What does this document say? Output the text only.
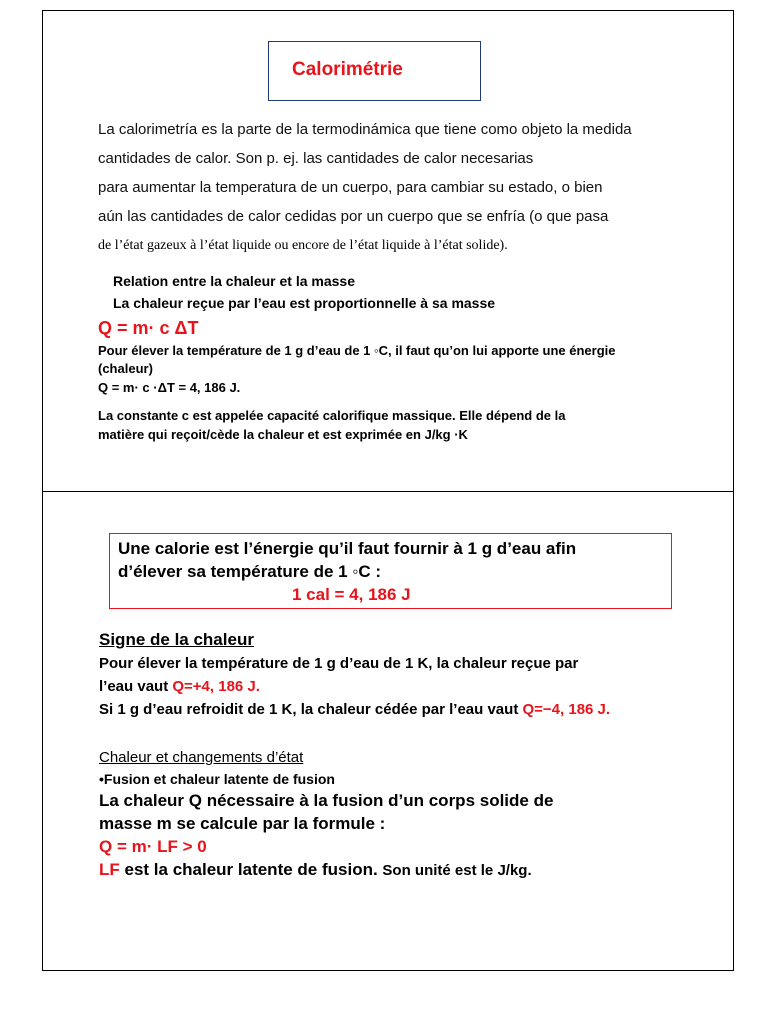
Calorimétrie
La calorimetría es la parte de la termodinámica que tiene como objeto la medida
cantidades de calor. Son p. ej. las cantidades de calor necesarias
para aumentar la temperatura de un cuerpo, para cambiar su estado, o bien
aún las cantidades de calor cedidas por un cuerpo que se enfría (o que pasa
de l’état gazeux à l’état liquide ou encore de l’état liquide à l’état solide).
Relation entre la chaleur et la masse
La chaleur reçue par l’eau est proportionnelle à sa masse
Q = m· c ΔT
Pour élever la température de 1 g d’eau de 1 ◦C, il faut qu’on lui apporte une énergie
(chaleur)
Q = m· c ·ΔT = 4, 186 J.
La constante c est appelée capacité calorifique massique. Elle dépend de la
matière qui reçoit/cède la chaleur et est exprimée en J/kg ·K
Une calorie est l’énergie qu’il faut fournir à 1 g d’eau afin
d’élever sa température de 1 ◦C :
1 cal = 4, 186 J
Signe de la chaleur
Pour élever la température de 1 g d’eau de 1 K, la chaleur reçue par
l’eau vaut Q=+4, 186 J.
Si 1 g d’eau refroidit de 1 K, la chaleur cédée par l’eau vaut Q=−4, 186 J.
Chaleur et changements d’état
•Fusion et chaleur latente de fusion
La chaleur Q nécessaire à la fusion d’un corps solide de
masse m se calcule par la formule :
Q = m· LF > 0
LF est la chaleur latente de fusion. Son unité est le J/kg.
